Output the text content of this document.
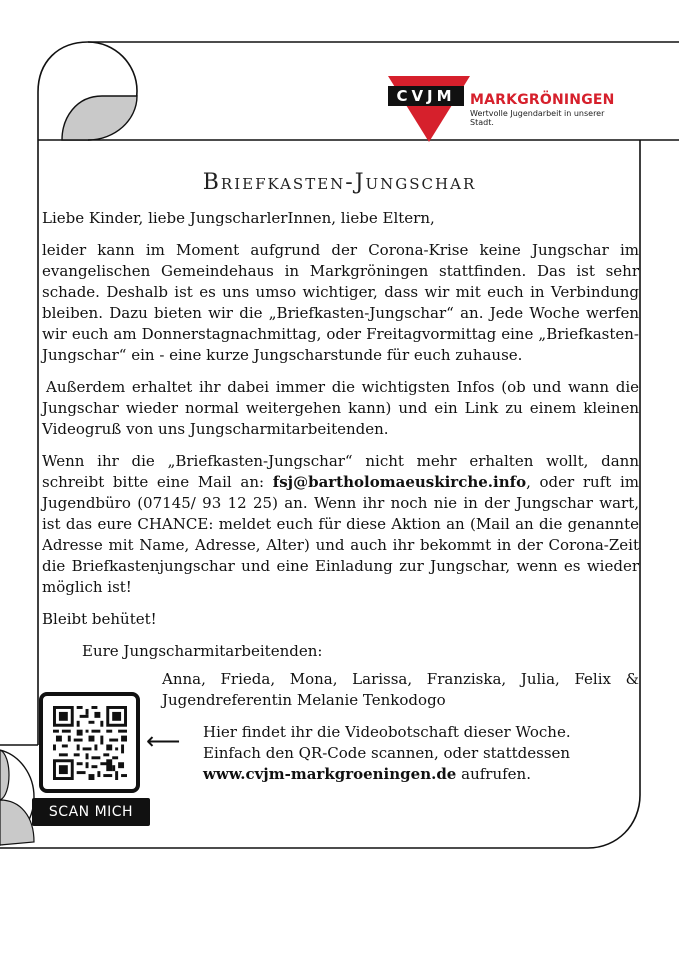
CVJM	MARKGRÖNINGEN
Wertvolle Jugendarbeit in unserer Stadt.
Briefkasten-Jungschar

Liebe Kinder, liebe JungscharlerInnen, liebe Eltern,

leider kann im Moment aufgrund der Corona-Krise keine Jungschar im evangelischen Gemeindehaus in Markgröningen stattfinden. Das ist sehr schade. Deshalb ist es uns umso wichtiger, dass wir mit euch in Verbindung bleiben. Dazu bieten wir die „Briefkasten-Jungschar“ an. Jede Woche werfen wir euch am Donnerstagnachmittag, oder Freitagvormittag eine „Briefkasten-Jungschar“ ein - eine kurze Jungscharstunde für euch zuhause.

Außerdem erhaltet ihr dabei immer die wichtigsten Infos (ob und wann die Jungschar wieder normal weitergehen kann) und ein Link zu einem kleinen Videogruß von uns Jungscharmitarbeitenden.

Wenn ihr die „Briefkasten-Jungschar“ nicht mehr erhalten wollt, dann schreibt bitte eine Mail an: fsj@bartholomaeuskirche.info, oder ruft im Jugendbüro (07145/ 93 12 25) an. Wenn ihr noch nie in der Jungschar wart, ist das eure CHANCE: meldet euch für diese Aktion an (Mail an die genannte Adresse mit Name, Adresse, Alter) und auch ihr bekommt in der Corona-Zeit die Briefkastenjungschar und eine Einladung zur Jungschar, wenn es wieder möglich ist!

Bleibt behütet!

Eure Jungscharmitarbeitenden:

Anna, Frieda, Mona, Larissa, Franziska, Julia, Felix &
Jugendreferentin Melanie Tenkodogo
SCAN MICH
⟵ Hier findet ihr die Videobotschaft dieser Woche.
Einfach den QR-Code scannen, oder stattdessen
www.cvjm-markgroeningen.de aufrufen.
